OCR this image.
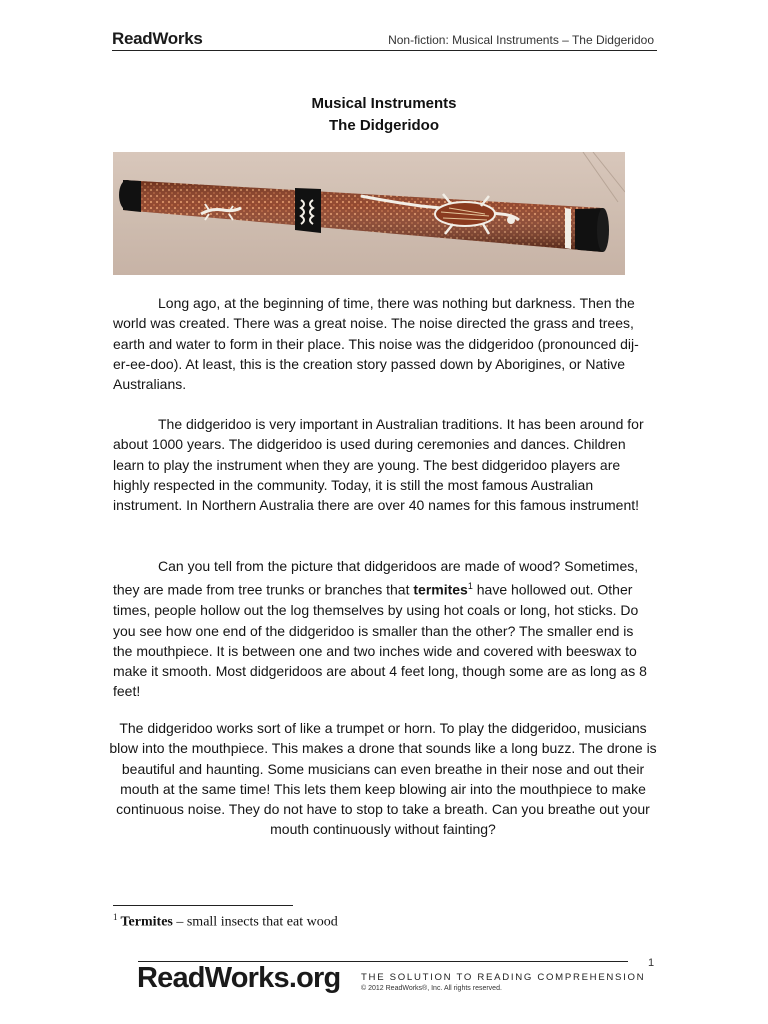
ReadWorks	Non-fiction: Musical Instruments – The Didgeridoo
Musical Instruments
The Didgeridoo

Long ago, at the beginning of time, there was nothing but darkness. Then the world was created. There was a great noise. The noise directed the grass and trees, earth and water to form in their place. This noise was the didgeridoo (pronounced dij-er-ee-doo). At least, this is the creation story passed down by Aborigines, or Native Australians.

The didgeridoo is very important in Australian traditions. It has been around for about 1000 years. The didgeridoo is used during ceremonies and dances. Children learn to play the instrument when they are young. The best didgeridoo players are highly respected in the community. Today, it is still the most famous Australian instrument. In Northern Australia there are over 40 names for this famous instrument!

Can you tell from the picture that didgeridoos are made of wood? Sometimes, they are made from tree trunks or branches that termites$^1$ have hollowed out. Other times, people hollow out the log themselves by using hot coals or long, hot sticks. Do you see how one end of the didgeridoo is smaller than the other? The smaller end is the mouthpiece. It is between one and two inches wide and covered with beeswax to make it smooth. Most didgeridoos are about 4 feet long, though some are as long as 8 feet!

The didgeridoo works sort of like a trumpet or horn. To play the didgeridoo, musicians blow into the mouthpiece. This makes a drone that sounds like a long buzz. The drone is beautiful and haunting. Some musicians can even breathe in their nose and out their mouth at the same time! This lets them keep blowing air into the mouthpiece to make continuous noise. They do not have to stop to take a breath. Can you breathe out your mouth continuously without fainting?

$^1$ Termites – small insects that eat wood
1
ReadWorks.org THE SOLUTION TO READING COMPREHENSION
© 2012 ReadWorks®, Inc. All rights reserved.
